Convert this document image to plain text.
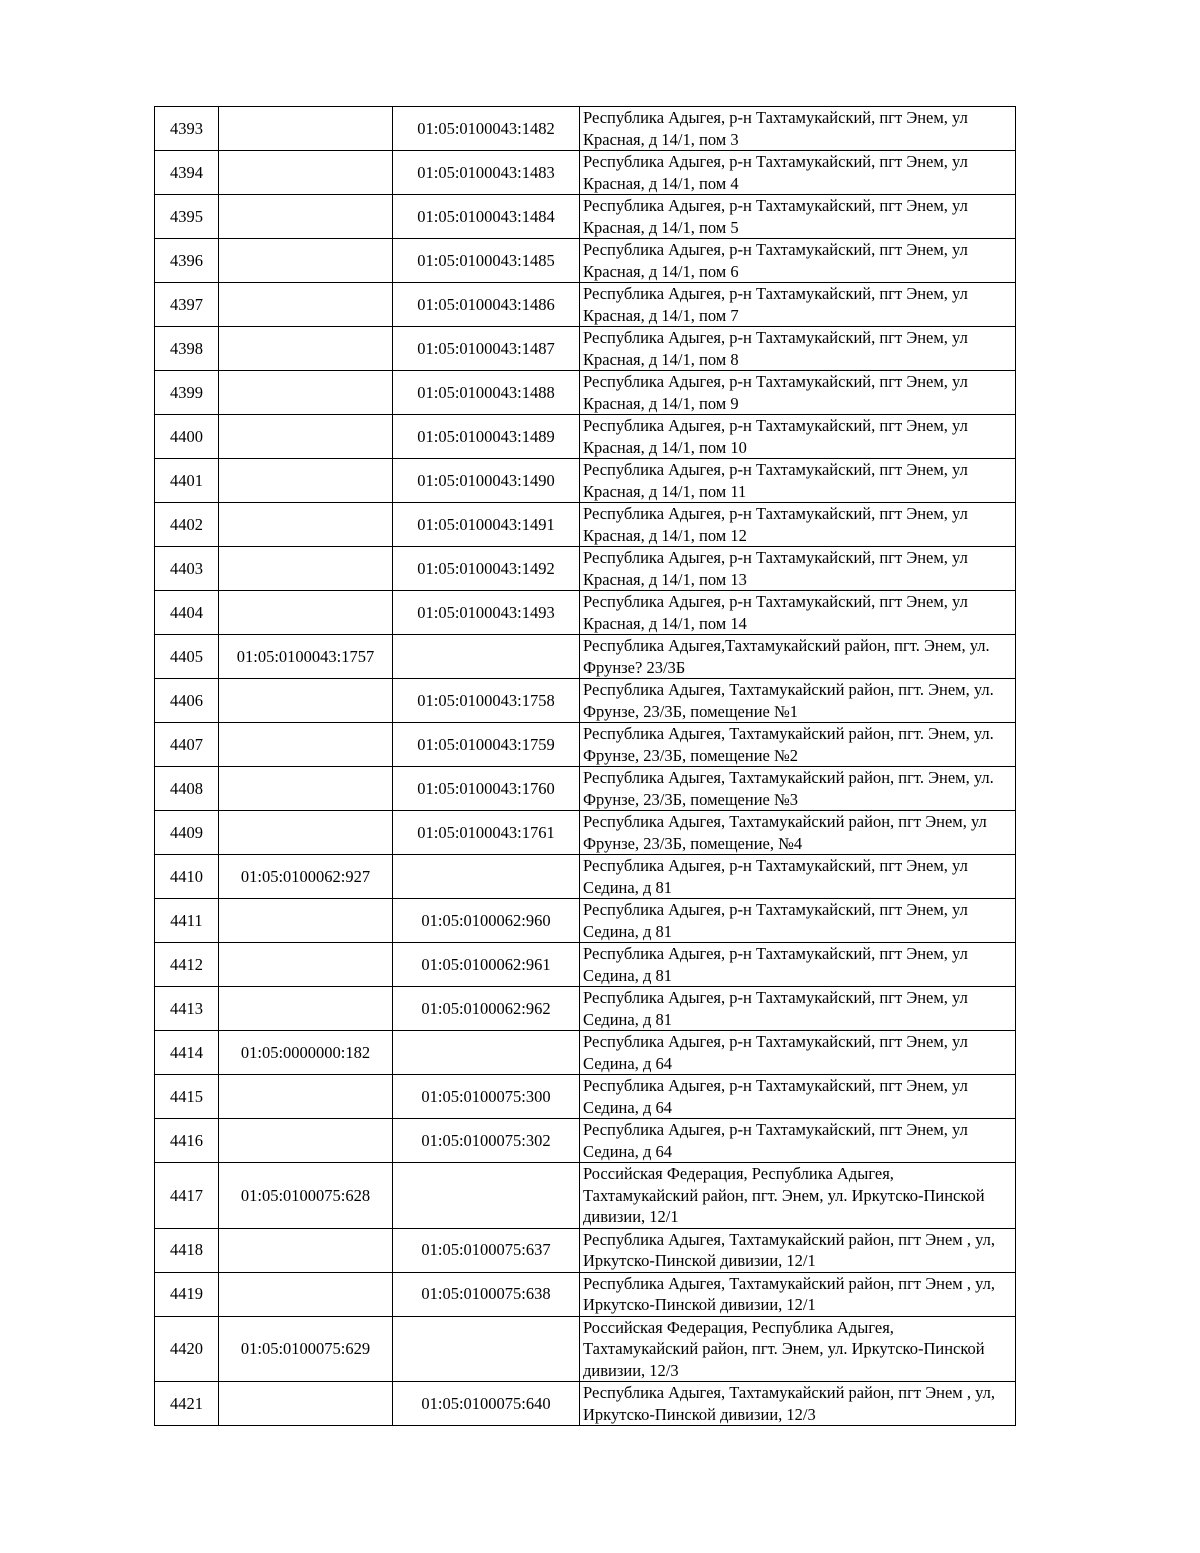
4393		01:05:0100043:1482	Республика Адыгея, р-н Тахтамукайский, пгт Энем, ул Красная, д 14/1, пом 3
4394		01:05:0100043:1483	Республика Адыгея, р-н Тахтамукайский, пгт Энем, ул Красная, д 14/1, пом 4
4395		01:05:0100043:1484	Республика Адыгея, р-н Тахтамукайский, пгт Энем, ул Красная, д 14/1, пом 5
4396		01:05:0100043:1485	Республика Адыгея, р-н Тахтамукайский, пгт Энем, ул Красная, д 14/1, пом 6
4397		01:05:0100043:1486	Республика Адыгея, р-н Тахтамукайский, пгт Энем, ул Красная, д 14/1, пом 7
4398		01:05:0100043:1487	Республика Адыгея, р-н Тахтамукайский, пгт Энем, ул Красная, д 14/1, пом 8
4399		01:05:0100043:1488	Республика Адыгея, р-н Тахтамукайский, пгт Энем, ул Красная, д 14/1, пом 9
4400		01:05:0100043:1489	Республика Адыгея, р-н Тахтамукайский, пгт Энем, ул Красная, д 14/1, пом 10
4401		01:05:0100043:1490	Республика Адыгея, р-н Тахтамукайский, пгт Энем, ул Красная, д 14/1, пом 11
4402		01:05:0100043:1491	Республика Адыгея, р-н Тахтамукайский, пгт Энем, ул Красная, д 14/1, пом 12
4403		01:05:0100043:1492	Республика Адыгея, р-н Тахтамукайский, пгт Энем, ул Красная, д 14/1, пом 13
4404		01:05:0100043:1493	Республика Адыгея, р-н Тахтамукайский, пгт Энем, ул Красная, д 14/1, пом 14
4405	01:05:0100043:1757		Республика Адыгея,Тахтамукайский район, пгт. Энем, ул. Фрунзе? 23/3Б
4406		01:05:0100043:1758	Республика Адыгея, Тахтамукайский район, пгт. Энем, ул. Фрунзе, 23/3Б, помещение №1
4407		01:05:0100043:1759	Республика Адыгея, Тахтамукайский район, пгт. Энем, ул. Фрунзе, 23/3Б, помещение №2
4408		01:05:0100043:1760	Республика Адыгея, Тахтамукайский район, пгт. Энем, ул. Фрунзе, 23/3Б, помещение №3
4409		01:05:0100043:1761	Республика Адыгея, Тахтамукайский район, пгт Энем, ул Фрунзе, 23/3Б, помещение, №4
4410	01:05:0100062:927		Республика Адыгея, р-н Тахтамукайский, пгт Энем, ул Седина, д 81
4411		01:05:0100062:960	Республика Адыгея, р-н Тахтамукайский, пгт Энем, ул Седина, д 81
4412		01:05:0100062:961	Республика Адыгея, р-н Тахтамукайский, пгт Энем, ул Седина, д 81
4413		01:05:0100062:962	Республика Адыгея, р-н Тахтамукайский, пгт Энем, ул Седина, д 81
4414	01:05:0000000:182		Республика Адыгея, р-н Тахтамукайский, пгт Энем, ул Седина, д 64
4415		01:05:0100075:300	Республика Адыгея, р-н Тахтамукайский, пгт Энем, ул Седина, д 64
4416		01:05:0100075:302	Республика Адыгея, р-н Тахтамукайский, пгт Энем, ул Седина, д 64
4417	01:05:0100075:628		Российская Федерация, Республика Адыгея, Тахтамукайский район, пгт. Энем, ул. Иркутско-Пинской дивизии, 12/1
4418		01:05:0100075:637	Республика Адыгея, Тахтамукайский район, пгт Энем , ул, Иркутско-Пинской дивизии, 12/1
4419		01:05:0100075:638	Республика Адыгея, Тахтамукайский район, пгт Энем , ул, Иркутско-Пинской дивизии, 12/1
4420	01:05:0100075:629		Российская Федерация, Республика Адыгея, Тахтамукайский район, пгт. Энем, ул. Иркутско-Пинской дивизии, 12/3
4421		01:05:0100075:640	Республика Адыгея, Тахтамукайский район, пгт Энем , ул, Иркутско-Пинской дивизии, 12/3
